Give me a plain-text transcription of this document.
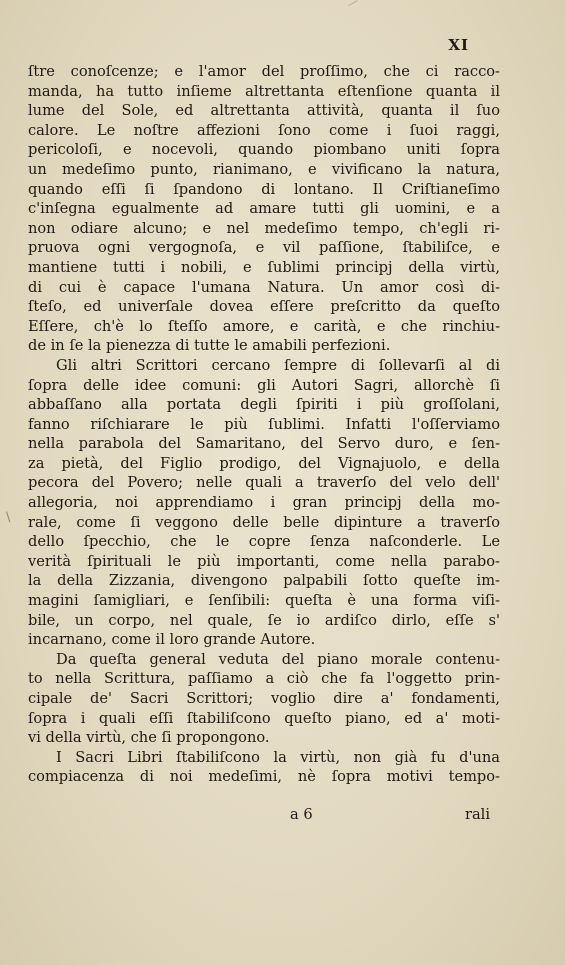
\
XI
ſtre conoſcenze; e l'amor del proſſimo, che ci racco-
manda, ha tutto inſieme altrettanta eſtenſione quanta il
lume del Sole, ed altrettanta attività, quanta il ſuo
calore. Le noſtre affezioni ſono come i ſuoi raggi,
pericoloſi, e nocevoli, quando piombano uniti ſopra
un medeſimo punto, rianimano, e vivificano la natura,
quando eſſi ſi ſpandono di lontano. Il Criſtianeſimo
c'inſegna egualmente ad amare tutti gli uomini, e a
non odiare alcuno; e nel medeſimo tempo, ch'egli ri-
pruova ogni vergognoſa, e vil paſſione, ſtabiliſce, e
mantiene tutti i nobili, e ſublimi principj della virtù,
di cui è capace l'umana Natura. Un amor così di-
ſteſo, ed univerſale dovea eſſere preſcritto da queſto
Eſſere, ch'è lo ſteſſo amore, e carità, e che rinchiu-
de in ſe la pienezza di tutte le amabili perfezioni.
Gli altri Scrittori cercano ſempre di ſollevarſi al di
ſopra delle idee comuni: gli Autori Sagri, allorchè ſi
abbaſſano alla portata degli ſpiriti i più groſſolani,
fanno riſchiarare le più ſublimi. Infatti l'oſſerviamo
nella parabola del Samaritano, del Servo duro, e ſen-
za pietà, del Figlio prodigo, del Vignajuolo, e della
pecora del Povero; nelle quali a traverſo del velo dell'
allegoria, noi apprendiamo i gran principj della mo-
rale, come ſi veggono delle belle dipinture a traverſo
dello ſpecchio, che le copre ſenza naſconderle. Le
verità ſpirituali le più importanti, come nella parabo-
la della Zizzania, divengono palpabili ſotto queſte im-
magini ſamigliari, e ſenſibili: queſta è una forma viſi-
bile, un corpo, nel quale, ſe io ardiſco dirlo, eſſe s'
incarnano, come il loro grande Autore.
Da queſta general veduta del piano morale contenu-
to nella Scrittura, paſſiamo a ciò che fa l'oggetto prin-
cipale de' Sacri Scrittori; voglio dire a' fondamenti,
ſopra i quali eſſi ſtabiliſcono queſto piano, ed a' moti-
vi della virtù, che ſi propongono.
I Sacri Libri ſtabiliſcono la virtù, non già fu d'una
compiacenza di noi medeſimi, nè ſopra motivi tempo-
a 6	rali
